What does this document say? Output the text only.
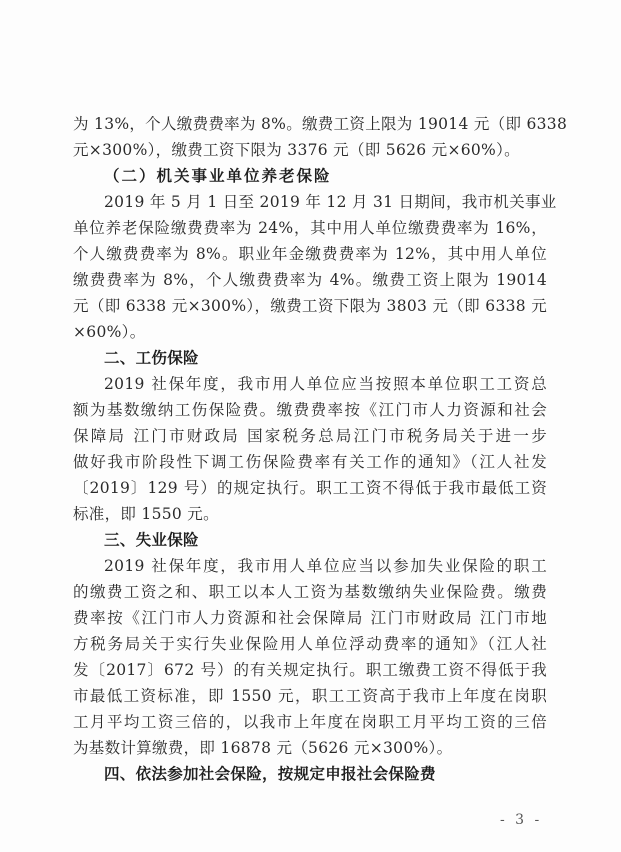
为 13%，个人缴费费率为 8%。缴费工资上限为 19014 元（即 6338
元×300%），缴费工资下限为 3376 元（即 5626 元×60%）。
（二）机关事业单位养老保险
2019 年 5 月 1 日至 2019 年 12 月 31 日期间，我市机关事业
单位养老保险缴费费率为 24%，其中用人单位缴费费率为 16%，
个人缴费费率为 8%。职业年金缴费费率为 12%，其中用人单位
缴费费率为 8%，个人缴费费率为 4%。缴费工资上限为 19014
元（即 6338 元×300%），缴费工资下限为 3803 元（即 6338 元
×60%）。
二、工伤保险
2019 社保年度，我市用人单位应当按照本单位职工工资总
额为基数缴纳工伤保险费。缴费费率按《江门市人力资源和社会
保障局 江门市财政局 国家税务总局江门市税务局关于进一步
做好我市阶段性下调工伤保险费率有关工作的通知》（江人社发
〔2019〕129 号）的规定执行。职工工资不得低于我市最低工资
标准，即 1550 元。
三、失业保险
2019 社保年度，我市用人单位应当以参加失业保险的职工
的缴费工资之和、职工以本人工资为基数缴纳失业保险费。缴费
费率按《江门市人力资源和社会保障局 江门市财政局 江门市地
方税务局关于实行失业保险用人单位浮动费率的通知》（江人社
发〔2017〕672 号）的有关规定执行。职工缴费工资不得低于我
市最低工资标准，即 1550 元，职工工资高于我市上年度在岗职
工月平均工资三倍的，以我市上年度在岗职工月平均工资的三倍
为基数计算缴费，即 16878 元（5626 元×300%）。
四、依法参加社会保险，按规定申报社会保险费
- 3 -
